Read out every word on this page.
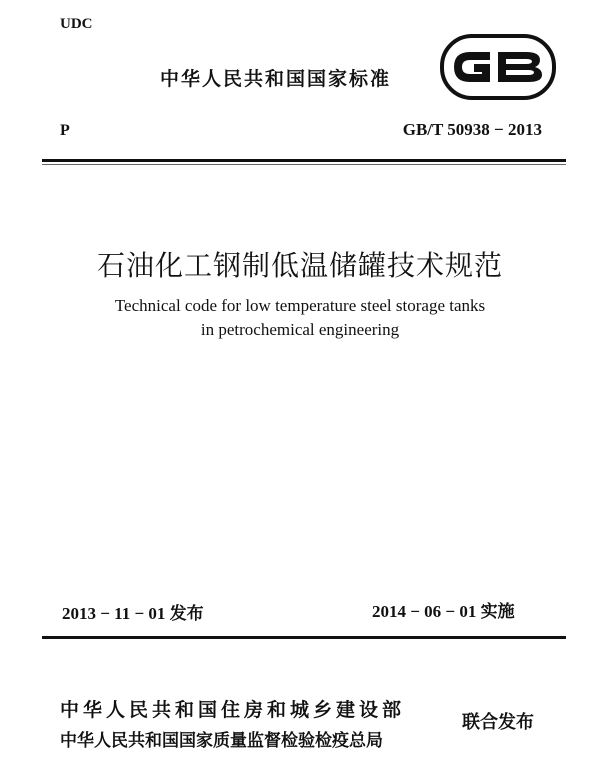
UDC
中华人民共和国国家标准
P	GB/T 50938 − 2013
石油化工钢制低温储罐技术规范
Technical code for low temperature steel storage tanks
in petrochemical engineering
2013 − 11 − 01 发布	2014 − 06 − 01 实施
中华人民共和国住房和城乡建设部
中华人民共和国国家质量监督检验检疫总局
联合发布
